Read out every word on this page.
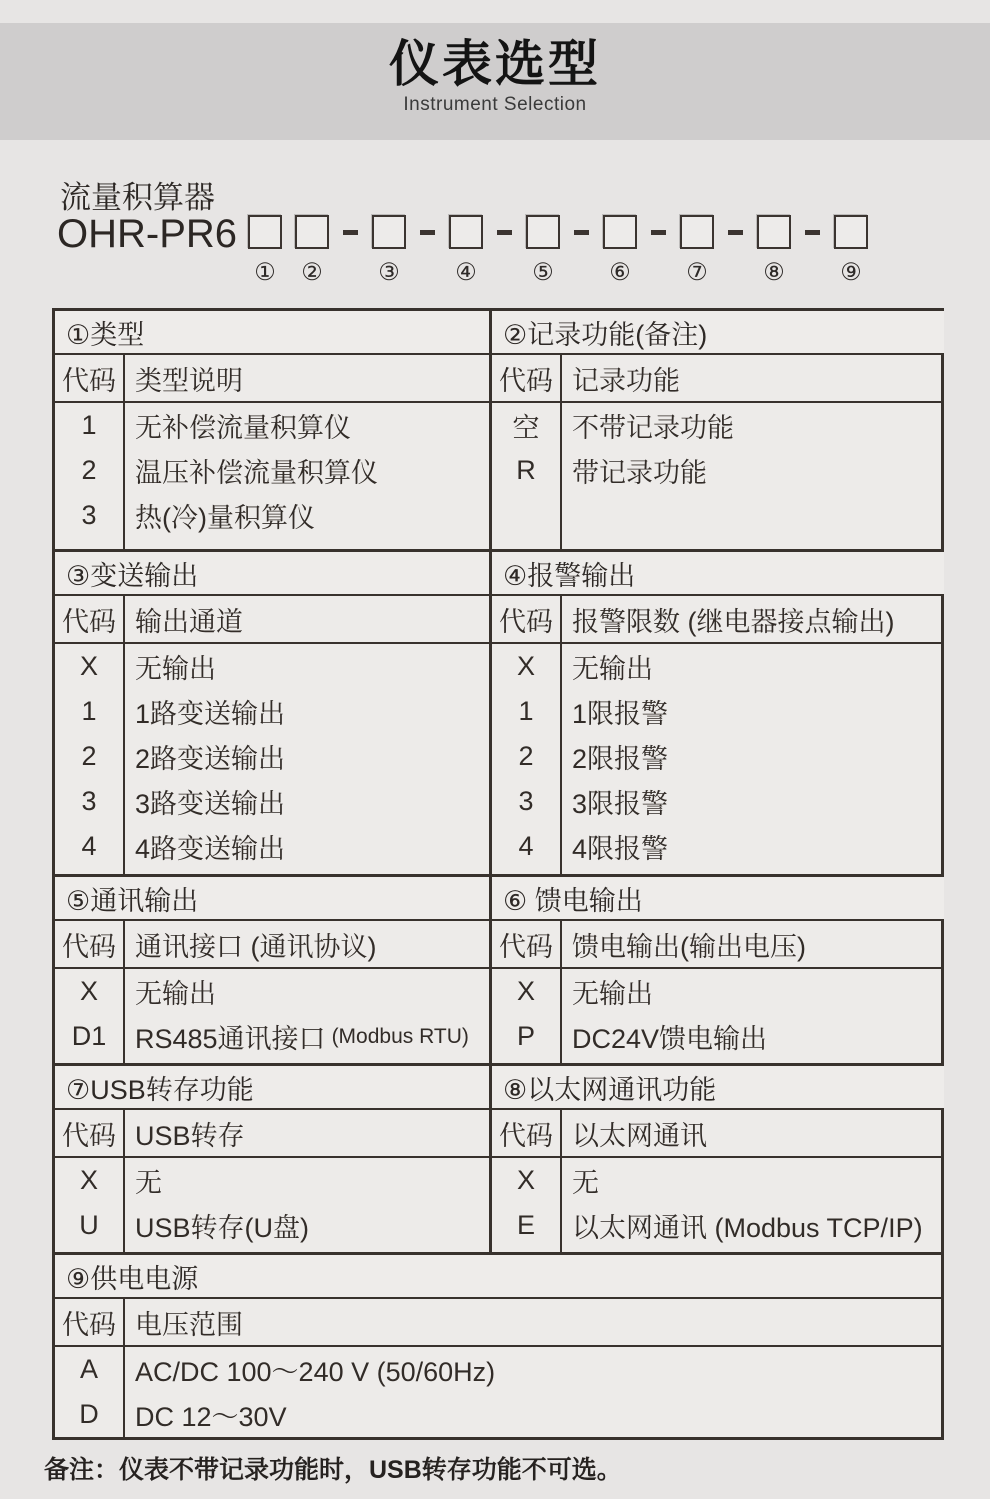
仪表选型
Instrument Selection
流量积算器
OHR-PR6
① ② ③ ④ ⑤ ⑥ ⑦ ⑧ ⑨
①类型
代码 类型说明
1
2
3
无补偿流量积算仪
温压补偿流量积算仪
热(冷)量积算仪
②记录功能(备注)
代码 记录功能
空
R
不带记录功能
带记录功能
③变送输出
代码 输出通道
X
1
2
3
4
无输出
1路变送输出
2路变送输出
3路变送输出
4路变送输出
④报警输出
代码 报警限数 (继电器接点输出)
X
1
2
3
4
无输出
1限报警
2限报警
3限报警
4限报警
⑤通讯输出
代码 通讯接口 (通讯协议)
X
D1
无输出
RS485通讯接口 (Modbus RTU)
⑥ 馈电输出
代码 馈电输出(输出电压)
X
P
无输出
DC24V馈电输出
⑦USB转存功能
代码 USB转存
X
U
无
USB转存(U盘)
⑧以太网通讯功能
代码 以太网通讯
X
E
无
以太网通讯 (Modbus TCP/IP)
⑨供电电源
代码 电压范围
A
D
AC/DC 100～240 V (50/60Hz)
DC 12～30V
备注：仪表不带记录功能时，USB转存功能不可选。
